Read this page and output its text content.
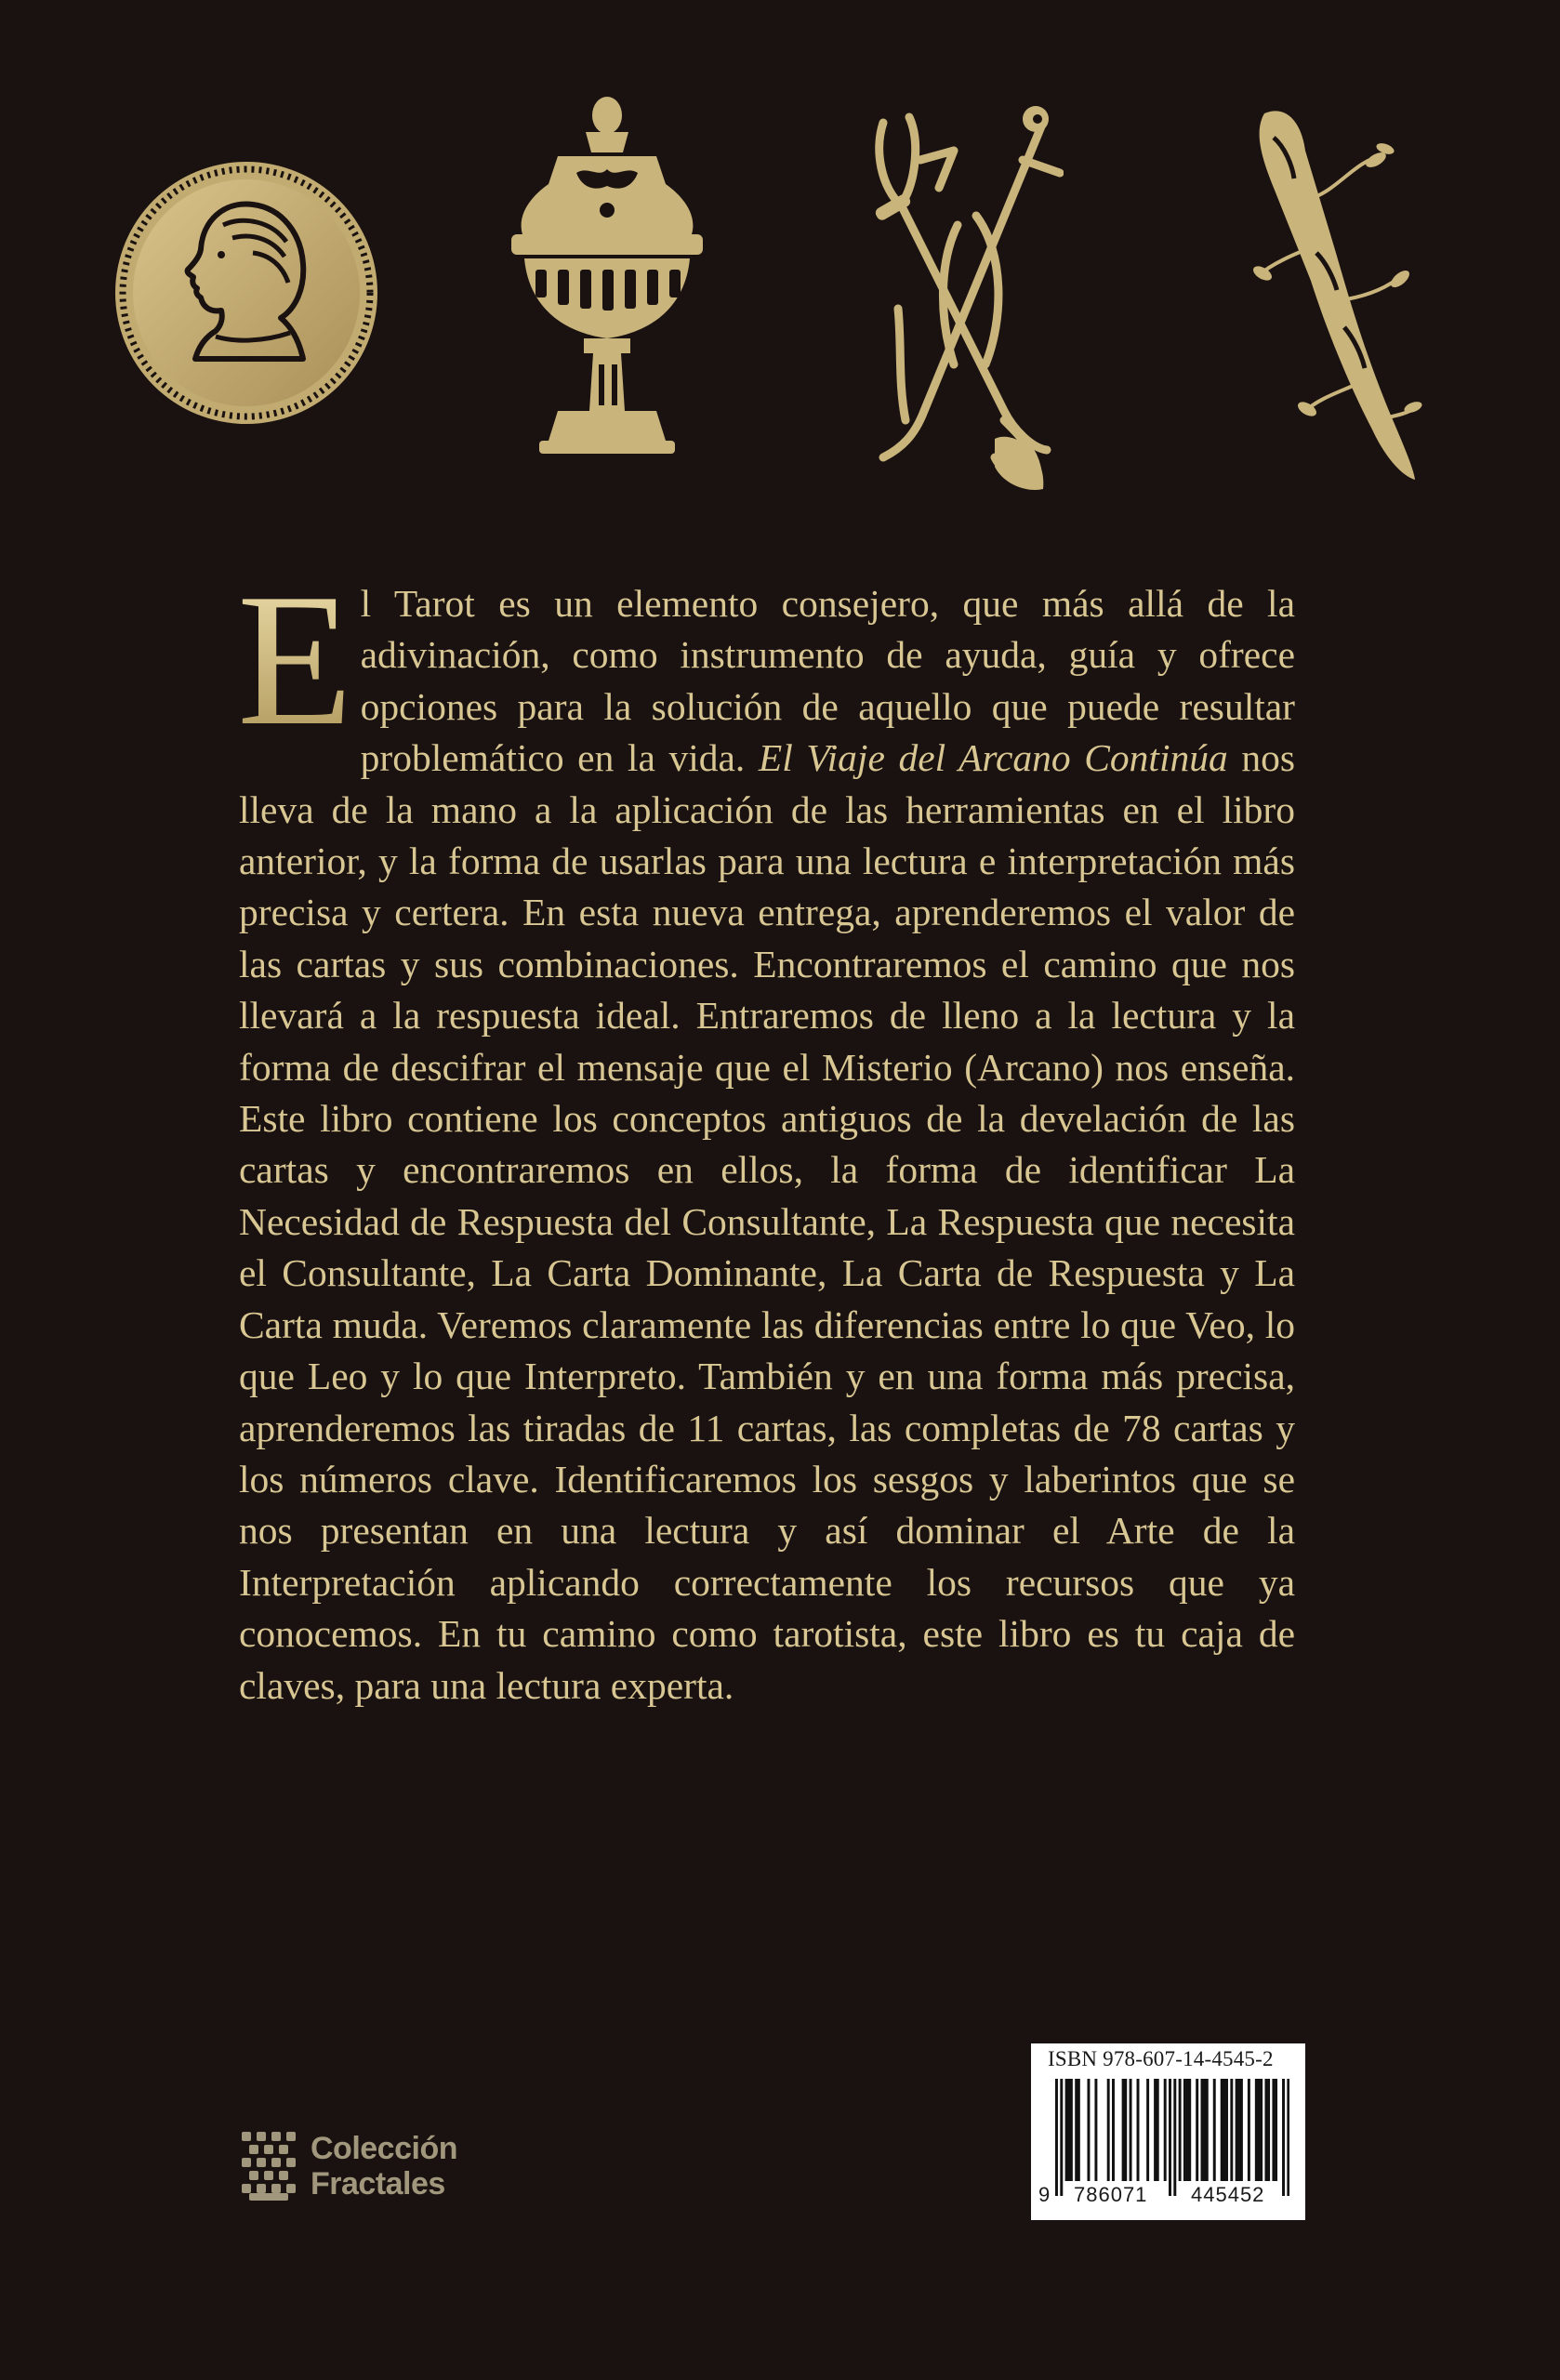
E l Tarot es un elemento consejero, que más allá de la adivinación, como instrumento de ayuda, guía y ofrece opciones para la solución de aquello que puede resultar problemático en la vida. El Viaje del Arcano Continúa nos lleva de la mano a la aplicación de las herramientas en el libro anterior, y la forma de usarlas para una lectura e interpretación más precisa y certera. En esta nueva entrega, aprenderemos el valor de las cartas y sus combinaciones. Encontraremos el camino que nos llevará a la respuesta ideal. Entraremos de lleno a la lectura y la forma de descifrar el mensaje que el Misterio (Arcano) nos enseña. Este libro contiene los conceptos antiguos de la develación de las cartas y encontraremos en ellos, la forma de identificar La Necesidad de Respuesta del Consultante, La Respuesta que necesita el Consultante, La Carta Dominante, La Carta de Respuesta y La Carta muda. Veremos claramente las diferencias entre lo que Veo, lo que Leo y lo que Interpreto. También y en una forma más precisa, aprenderemos las tiradas de 11 cartas, las completas de 78 cartas y los números clave. Identificaremos los sesgos y laberintos que se nos presentan en una lectura y así dominar el Arte de la Interpretación aplicando correctamente los recursos que ya conocemos. En tu camino como tarotista, este libro es tu caja de claves, para una lectura experta.
Colección
Fractales
ISBN 978-607-14-4545-2
9 786071 445452
